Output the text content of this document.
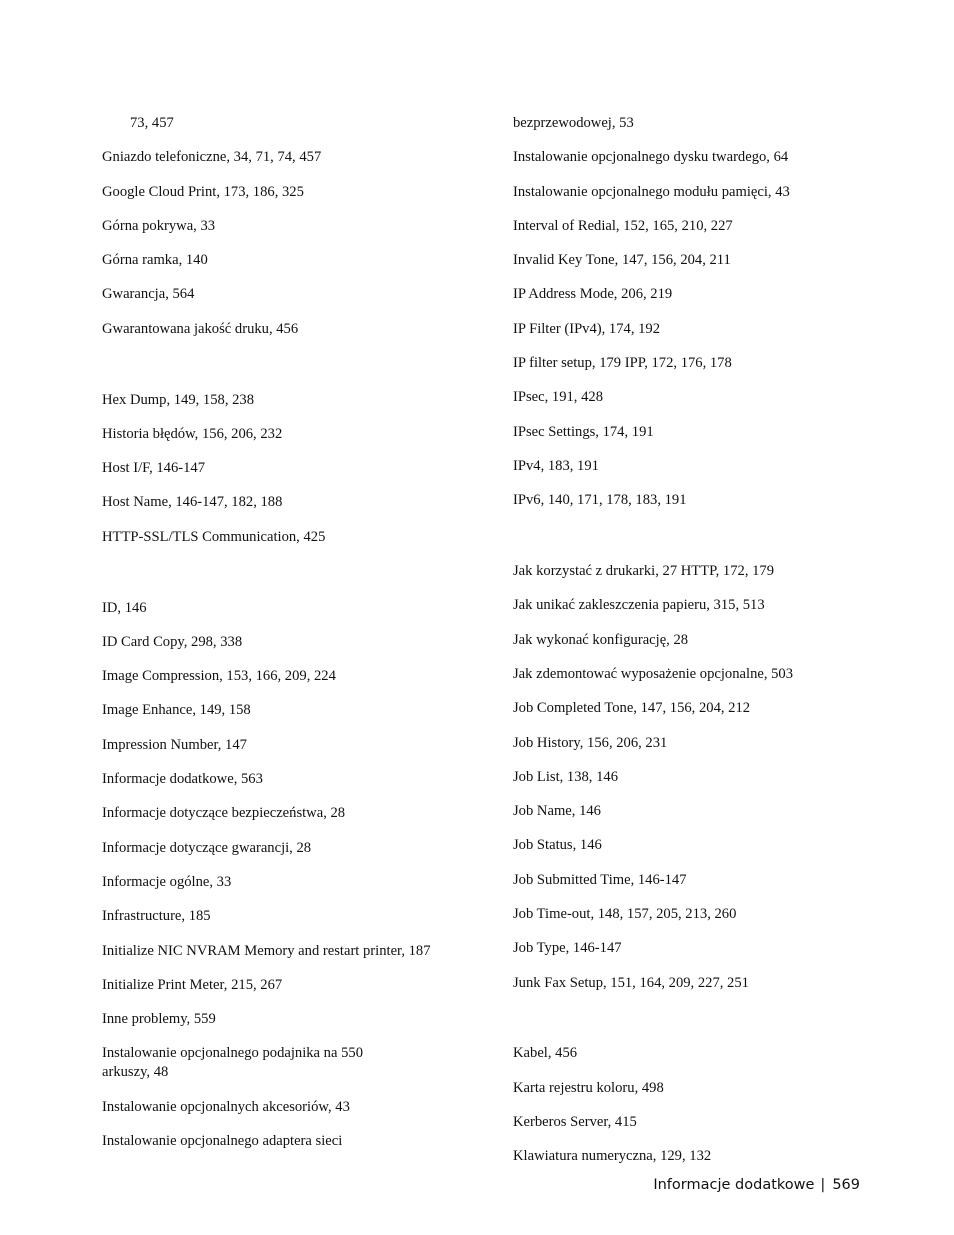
73, 457
Gniazdo telefoniczne, 34, 71, 74, 457
Google Cloud Print, 173, 186, 325
Górna pokrywa, 33
Górna ramka, 140
Gwarancja, 564
Gwarantowana jakość druku, 456
Hex Dump, 149, 158, 238
Historia błędów, 156, 206, 232
Host I/F, 146-147
Host Name, 146-147, 182, 188
HTTP-SSL/TLS Communication, 425
ID, 146
ID Card Copy, 298, 338
Image Compression, 153, 166, 209, 224
Image Enhance, 149, 158
Impression Number, 147
Informacje dodatkowe, 563
Informacje dotyczące bezpieczeństwa, 28
Informacje dotyczące gwarancji, 28
Informacje ogólne, 33
Infrastructure, 185
Initialize NIC NVRAM Memory and restart printer, 187
Initialize Print Meter, 215, 267
Inne problemy, 559
Instalowanie opcjonalnego podajnika na 550 arkuszy, 48
Instalowanie opcjonalnych akcesoriów, 43
Instalowanie opcjonalnego adaptera sieci
bezprzewodowej, 53
Instalowanie opcjonalnego dysku twardego, 64
Instalowanie opcjonalnego modułu pamięci, 43
Interval of Redial, 152, 165, 210, 227
Invalid Key Tone, 147, 156, 204, 211
IP Address Mode, 206, 219
IP Filter (IPv4), 174, 192
IP filter setup, 179 IPP, 172, 176, 178
IPsec, 191, 428
IPsec Settings, 174, 191
IPv4, 183, 191
IPv6, 140, 171, 178, 183, 191
Jak korzystać z drukarki, 27 HTTP, 172, 179
Jak unikać zakleszczenia papieru, 315, 513
Jak wykonać konfigurację, 28
Jak zdemontować wyposażenie opcjonalne, 503
Job Completed Tone, 147, 156, 204, 212
Job History, 156, 206, 231
Job List, 138, 146
Job Name, 146
Job Status, 146
Job Submitted Time, 146-147
Job Time-out, 148, 157, 205, 213, 260
Job Type, 146-147
Junk Fax Setup, 151, 164, 209, 227, 251
Kabel, 456
Karta rejestru koloru, 498
Kerberos Server, 415
Klawiatura numeryczna, 129, 132
Informacje dodatkowe | 569
